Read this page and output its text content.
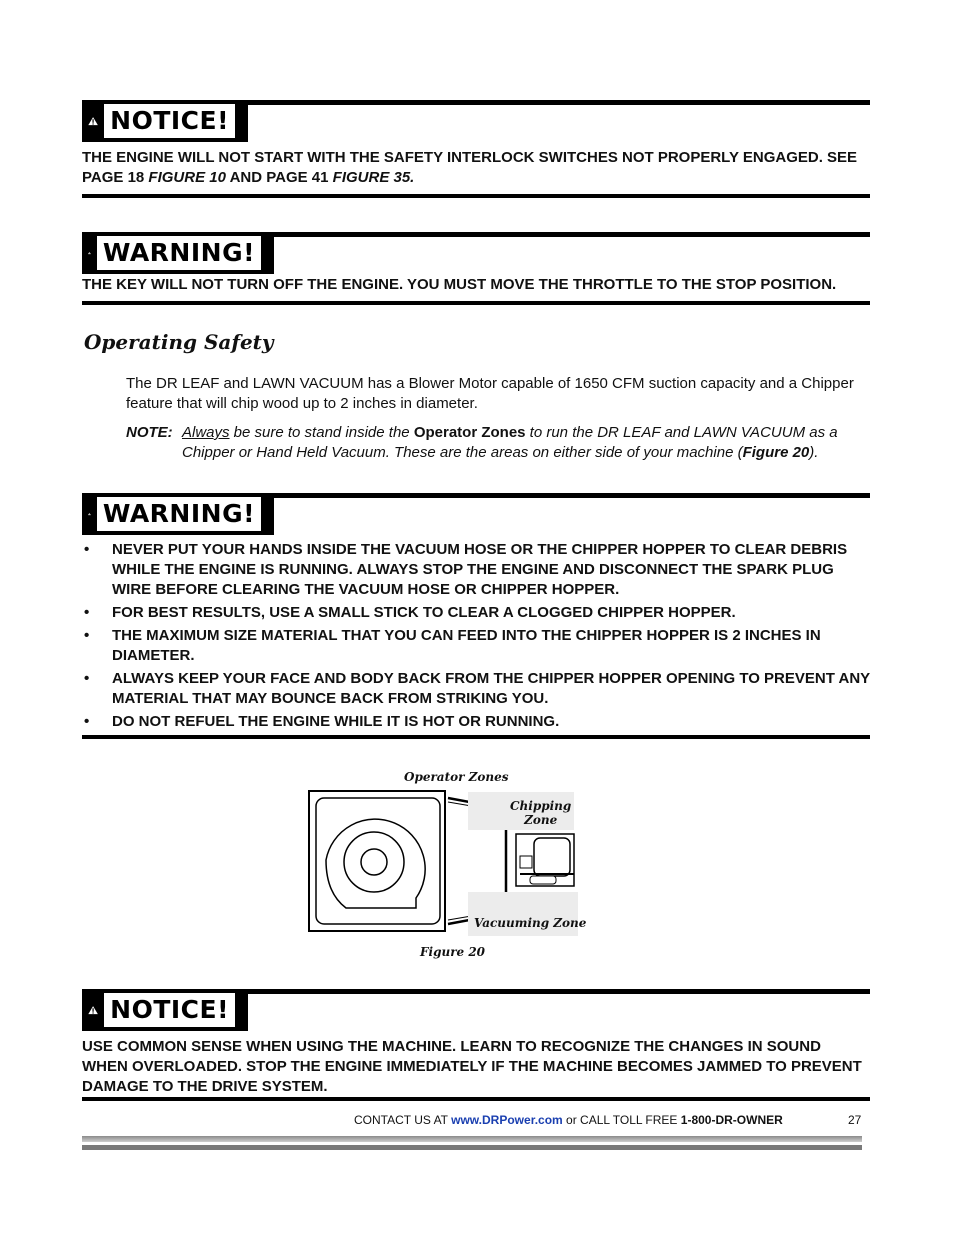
NOTICE!
THE ENGINE WILL NOT START WITH THE SAFETY INTERLOCK SWITCHES NOT PROPERLY ENGAGED. SEE PAGE 18 FIGURE 10 AND PAGE 41 FIGURE 35.
WARNING!
THE KEY WILL NOT TURN OFF THE ENGINE. YOU MUST MOVE THE THROTTLE TO THE STOP POSITION.
Operating Safety
The DR LEAF and LAWN VACUUM has a Blower Motor capable of 1650 CFM suction capacity and a Chipper feature that will chip wood up to 2 inches in diameter.
NOTE: Always be sure to stand inside the Operator Zones to run the DR LEAF and LAWN VACUUM as a Chipper or Hand Held Vacuum. These are the areas on either side of your machine (Figure 20).
WARNING!
• NEVER PUT YOUR HANDS INSIDE THE VACUUM HOSE OR THE CHIPPER HOPPER TO CLEAR DEBRIS WHILE THE ENGINE IS RUNNING. ALWAYS STOP THE ENGINE AND DISCONNECT THE SPARK PLUG WIRE BEFORE CLEARING THE VACUUM HOSE OR CHIPPER HOPPER.
• FOR BEST RESULTS, USE A SMALL STICK TO CLEAR A CLOGGED CHIPPER HOPPER.
• THE MAXIMUM SIZE MATERIAL THAT YOU CAN FEED INTO THE CHIPPER HOPPER IS 2 INCHES IN DIAMETER.
• ALWAYS KEEP YOUR FACE AND BODY BACK FROM THE CHIPPER HOPPER OPENING TO PREVENT ANY MATERIAL THAT MAY BOUNCE BACK FROM STRIKING YOU.
• DO NOT REFUEL THE ENGINE WHILE IT IS HOT OR RUNNING.
Operator Zones
Chipping
Zone
Vacuuming Zone
Figure 20
NOTICE!
USE COMMON SENSE WHEN USING THE MACHINE. LEARN TO RECOGNIZE THE CHANGES IN SOUND WHEN OVERLOADED. STOP THE ENGINE IMMEDIATELY IF THE MACHINE BECOMES JAMMED TO PREVENT DAMAGE TO THE DRIVE SYSTEM.
CONTACT US AT www.DRPower.com or CALL TOLL FREE 1-800-DR-OWNER	27
